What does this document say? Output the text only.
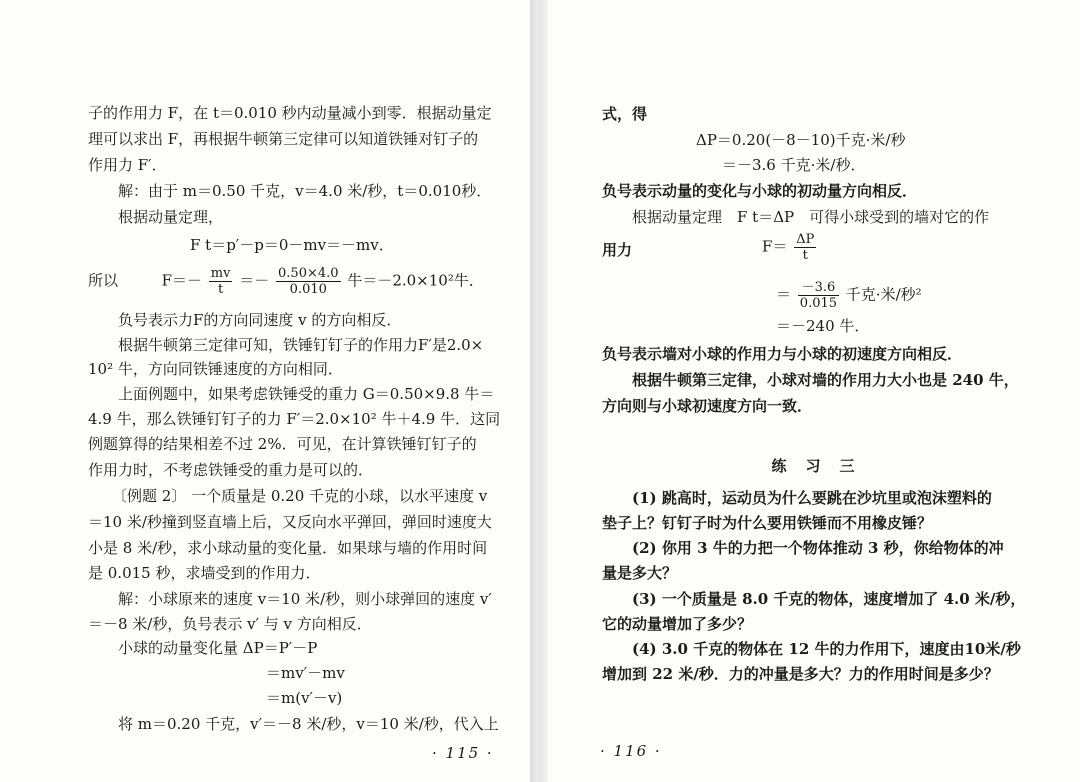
子的作用力 F，在 t＝0.010 秒内动量减小到零．根据动量定
理可以求出 F，再根据牛顿第三定律可以知道铁锤对钉子的
作用力 F′．
解：由于 m＝0.50 千克，v＝4.0 米/秒，t＝0.010秒．
根据动量定理，
F t＝p′－p＝0－mv＝－mv．
所以	$F=- \frac{mv}{t} =- \frac{0.50\times 4.0}{0.010}$ 牛＝－2.0×10²牛．
负号表示力F的方向同速度 v 的方向相反．
根据牛顿第三定律可知，铁锤钉钉子的作用力F′是2.0×
10² 牛，方向同铁锤速度的方向相同．
上面例题中，如果考虑铁锤受的重力 G＝0.50×9.8 牛＝
4.9 牛，那么铁锤钉钉子的力 F′＝2.0×10² 牛＋4.9 牛．这同
例题算得的结果相差不过 2%．可见，在计算铁锤钉钉子的
作用力时，不考虑铁锤受的重力是可以的．
〔例题 2〕 一个质量是 0.20 千克的小球，以水平速度 v
＝10 米/秒撞到竖直墙上后，又反向水平弹回，弹回时速度大
小是 8 米/秒，求小球动量的变化量．如果球与墙的作用时间
是 0.015 秒，求墙受到的作用力．
解：小球原来的速度 v＝10 米/秒，则小球弹回的速度 v′
＝－8 米/秒，负号表示 v′ 与 v 方向相反．
小球的动量变化量 ΔP＝P′－P
＝mv′－mv
＝m(v′－v)
将 m＝0.20 千克，v′＝－8 米/秒，v＝10 米/秒，代入上
· 115 ·
式，得
ΔP＝0.20(－8－10)千克·米/秒
＝－3.6 千克·米/秒．
负号表示动量的变化与小球的初动量方向相反．
根据动量定理　F t＝ΔP　可得小球受到的墙对它的作
用力	$F= \frac{\Delta P}{t}$
＝ $\frac{-3.6}{0.015}$ 千克·米/秒²
＝－240 牛．
负号表示墙对小球的作用力与小球的初速度方向相反．
根据牛顿第三定律，小球对墙的作用力大小也是 240 牛，
方向则与小球初速度方向一致．
练　习　三
(1) 跳高时，运动员为什么要跳在沙坑里或泡沫塑料的
垫子上？钉钉子时为什么要用铁锤而不用橡皮锤？
(2) 你用 3 牛的力把一个物体推动 3 秒，你给物体的冲
量是多大？
(3) 一个质量是 8.0 千克的物体，速度增加了 4.0 米/秒，
它的动量增加了多少？
(4) 3.0 千克的物体在 12 牛的力作用下，速度由10米/秒
增加到 22 米/秒．力的冲量是多大？力的作用时间是多少？
· 116 ·
